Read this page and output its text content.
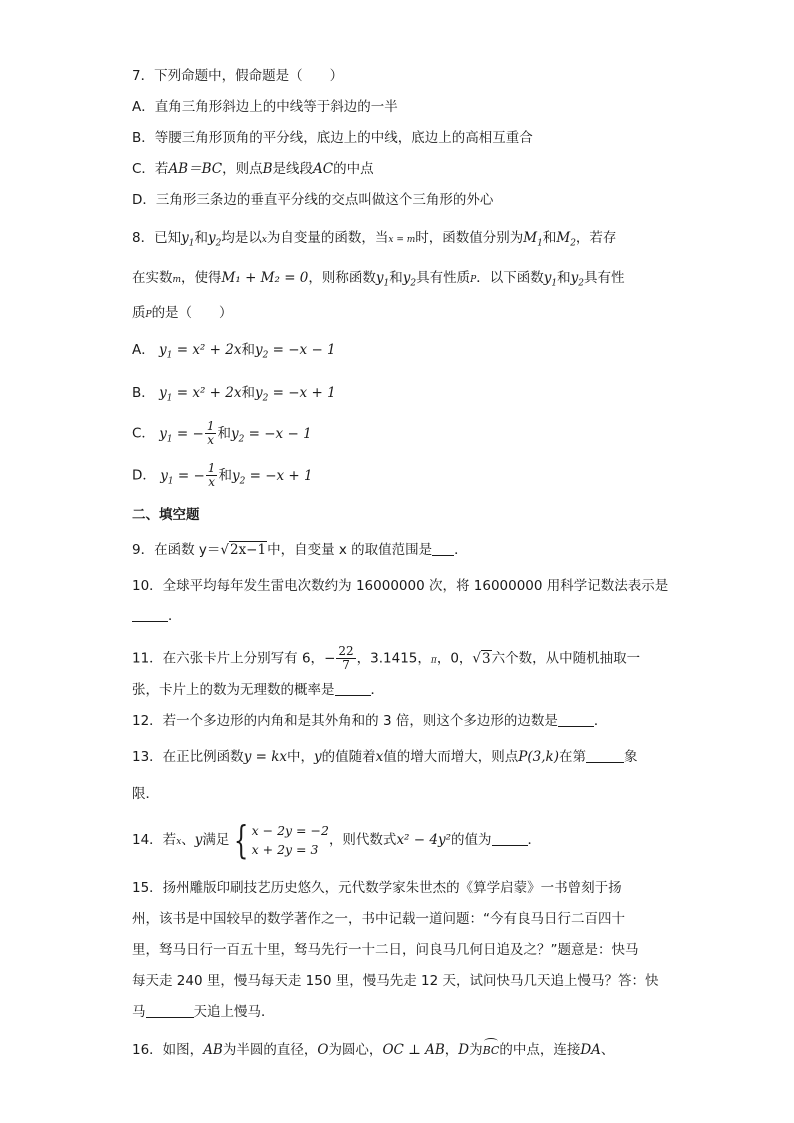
7．下列命题中，假命题是（　　）
A．直角三角形斜边上的中线等于斜边的一半
B．等腰三角形顶角的平分线，底边上的中线，底边上的高相互重合
C．若AB＝BC，则点B是线段AC的中点
D．三角形三条边的垂直平分线的交点叫做这个三角形的外心
8．已知$y_1$和$y_2$均是以x为自变量的函数，当x = m时，函数值分别为$M_1$和$M_2$，若存
在实数m，使得M₁ + M₂ = 0，则称函数$y_1$和$y_2$具有性质P．以下函数$y_1$和$y_2$具有性
质P的是（　　）
A． $y_1 = x^2 + 2x$和$y_2 = -x - 1$
B． $y_1 = x^2 + 2x$和$y_2 = -x + 1$
C． $y_1$ = − $\frac{1}{x}$ 和$y_2 = -x - 1$
D． $y_1$ = − $\frac{1}{x}$ 和$y_2 = -x + 1$
二、填空题
9．在函数 y＝√2x−1中，自变量 x 的取值范围是 ．
10．全球平均每年发生雷电次数约为 16000000 次，将 16000000 用科学记数法表示是
．
11．在六张卡片上分别写有 6，− $\frac{22}{7}$ ，3.1415，π，0，√3六个数，从中随机抽取一
张，卡片上的数为无理数的概率是	．
12．若一个多边形的内角和是其外角和的 3 倍，则这个多边形的边数是	．
13．在正比例函数y = kx中，y的值随着x值的增大而增大，则点P(3,k)在第	象
限．
14．若x、y满足 { x − 2y = −2
x + 2y = 3
，则代数式x² − 4y²的值为	．
15．扬州雕版印刷技艺历史悠久，元代数学家朱世杰的《算学启蒙》一书曾刻于扬
州，该书是中国较早的数学著作之一，书中记载一道问题：“今有良马日行二百四十
里，驽马日行一百五十里，驽马先行一十二日，问良马几何日追及之？”题意是：快马
每天走 240 里，慢马每天走 150 里，慢马先走 12 天，试问快马几天追上慢马？答：快
马	天追上慢马．
16．如图，AB为半圆的直径，O为圆心，OC ⊥ AB，D为BC的中点，连接DA、
